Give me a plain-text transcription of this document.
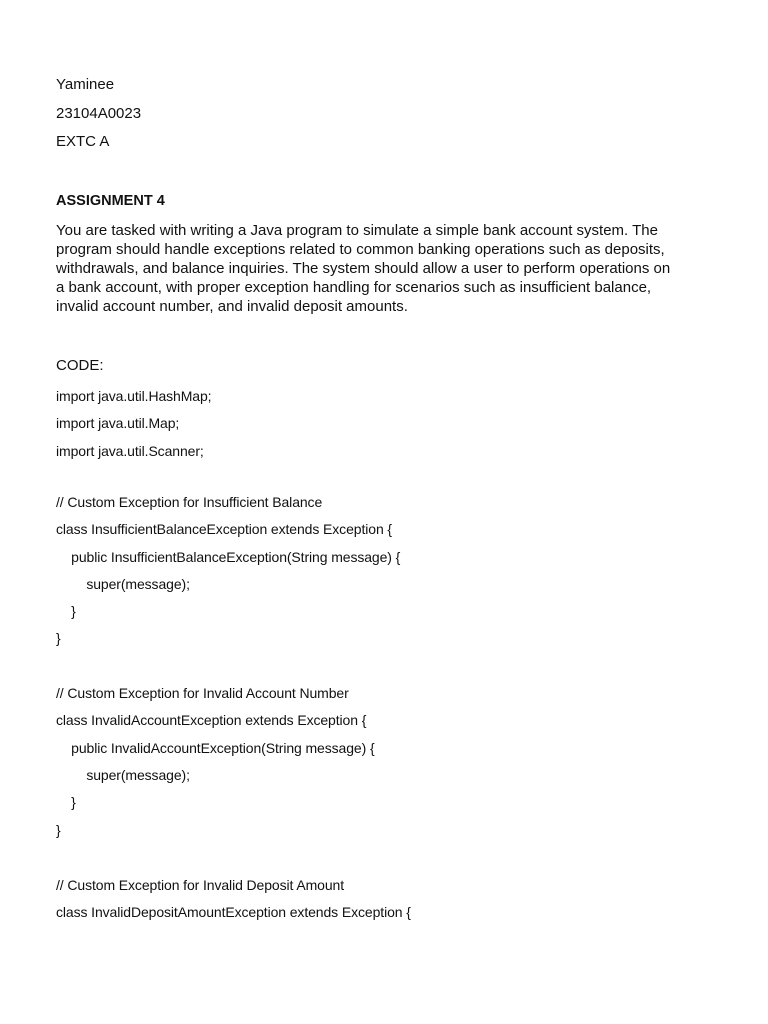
Yaminee
23104A0023
EXTC A
ASSIGNMENT 4
You are tasked with writing a Java program to simulate a simple bank account system. The
program should handle exceptions related to common banking operations such as deposits,
withdrawals, and balance inquiries. The system should allow a user to perform operations on
a bank account, with proper exception handling for scenarios such as insufficient balance,
invalid account number, and invalid deposit amounts.
CODE:
import java.util.HashMap;
import java.util.Map;
import java.util.Scanner;
// Custom Exception for Insufficient Balance
class InsufficientBalanceException extends Exception {
public InsufficientBalanceException(String message) {
super(message);
}
}
// Custom Exception for Invalid Account Number
class InvalidAccountException extends Exception {
public InvalidAccountException(String message) {
super(message);
}
}
// Custom Exception for Invalid Deposit Amount
class InvalidDepositAmountException extends Exception {
